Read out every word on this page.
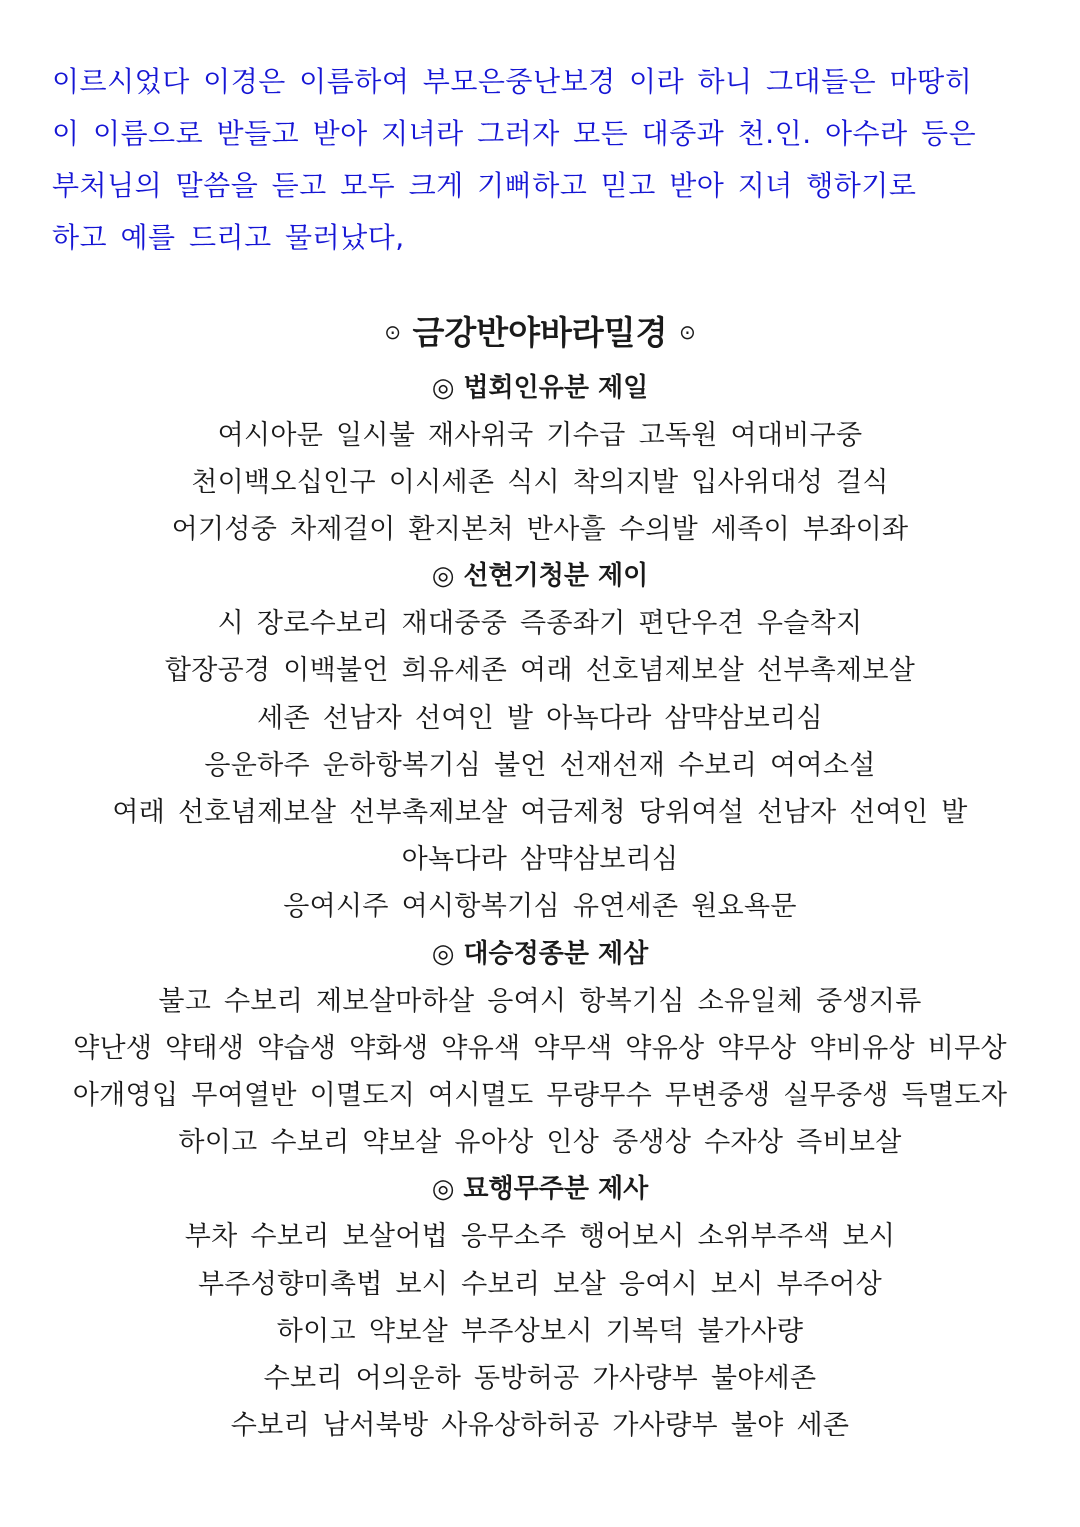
이르시었다 이경은 이름하여 부모은중난보경 이라 하니 그대들은 마땅히
이 이름으로 받들고 받아 지녀라 그러자 모든 대중과 천.인. 아수라 등은
부처님의 말씀을 듣고 모두 크게 기뻐하고 믿고 받아 지녀 행하기로
하고 예를 드리고 물러났다,
⊙ 금강반야바라밀경 ⊙
◎ 법회인유분 제일
여시아문 일시불 재사위국 기수급 고독원 여대비구중
천이백오십인구 이시세존 식시 착의지발 입사위대성 걸식
어기성중 차제걸이 환지본처 반사흘 수의발 세족이 부좌이좌
◎ 선현기청분 제이
시 장로수보리 재대중중 즉종좌기 편단우견 우슬착지
합장공경 이백불언 희유세존 여래 선호념제보살 선부촉제보살
세존 선남자 선여인 발 아뇩다라 삼먁삼보리심
응운하주 운하항복기심 불언 선재선재 수보리 여여소설
여래 선호념제보살 선부촉제보살 여금제청 당위여설 선남자 선여인 발
아뇩다라 삼먁삼보리심
응여시주 여시항복기심 유연세존 원요욕문
◎ 대승정종분 제삼
불고 수보리 제보살마하살 응여시 항복기심 소유일체 중생지류
약난생 약태생 약습생 약화생 약유색 약무색 약유상 약무상 약비유상 비무상
아개영입 무여열반 이멸도지 여시멸도 무량무수 무변중생 실무중생 득멸도자
하이고 수보리 약보살 유아상 인상 중생상 수자상 즉비보살
◎ 묘행무주분 제사
부차 수보리 보살어법 응무소주 행어보시 소위부주색 보시
부주성향미촉법 보시 수보리 보살 응여시 보시 부주어상
하이고 약보살 부주상보시 기복덕 불가사량
수보리 어의운하 동방허공 가사량부 불야세존
수보리 남서북방 사유상하허공 가사량부 불야 세존
